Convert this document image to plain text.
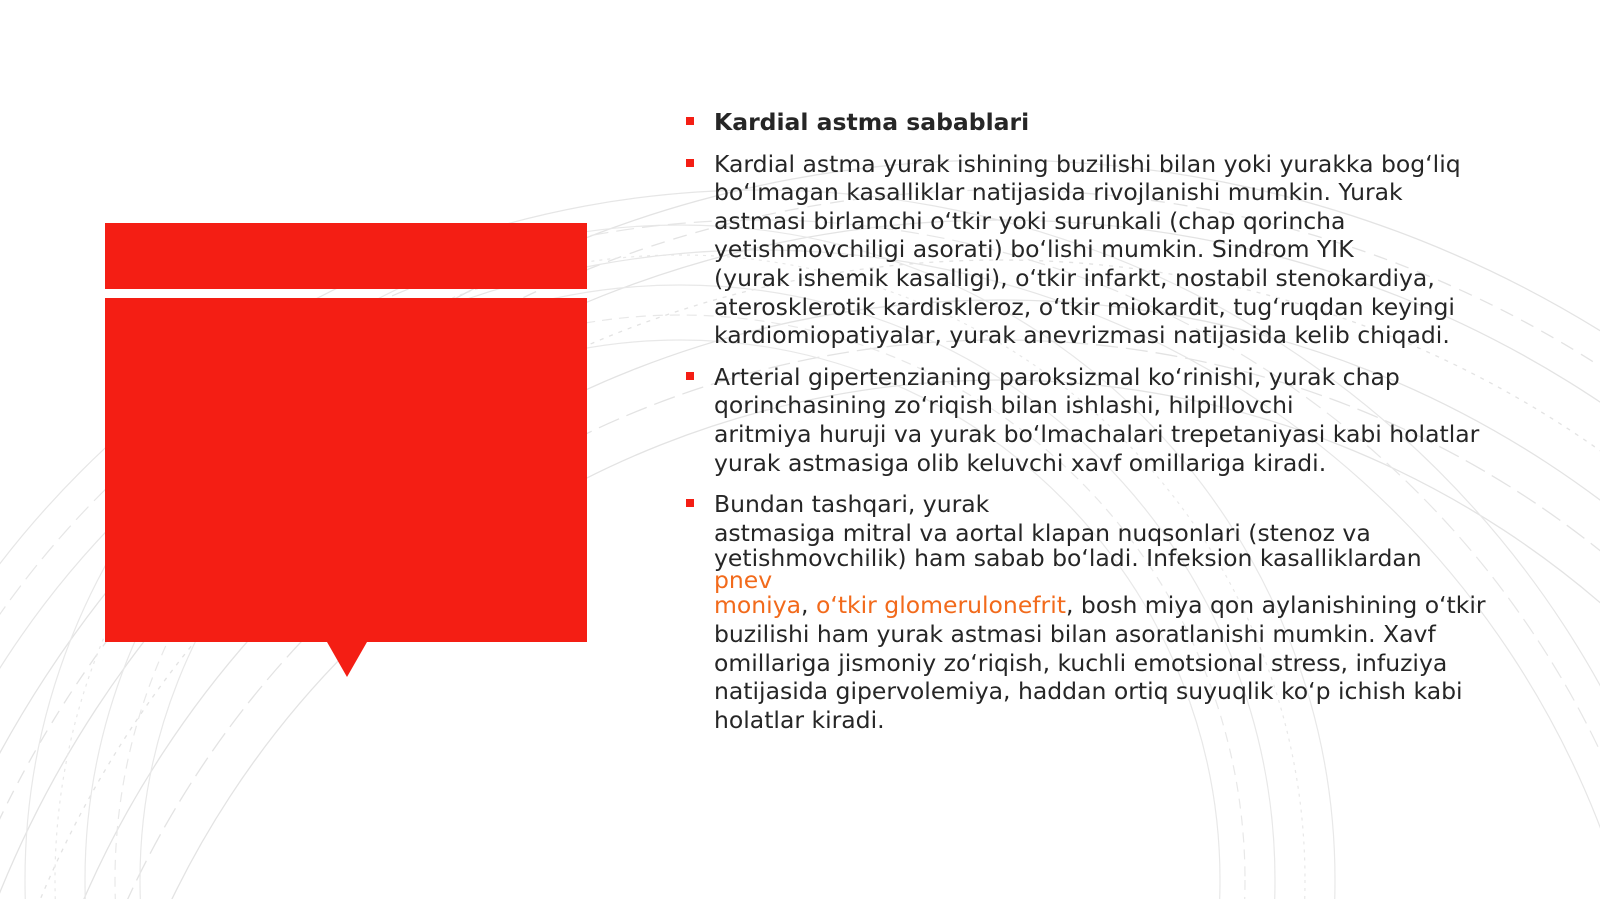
Kardial astma sabablari
Kardial astma yurak ishining buzilishi bilan yoki yurakka bog‘liq
bo‘lmagan kasalliklar natijasida rivojlanishi mumkin. Yurak
astmasi birlamchi o‘tkir yoki surunkali (chap qorincha
yetishmovchiligi asorati) bo‘lishi mumkin. Sindrom YIK
(yurak ishemik kasalligi), o‘tkir infarkt, nostabil stenokardiya,
aterosklerotik kardiskleroz, o‘tkir miokardit, tug‘ruqdan keyingi
kardiomiopatiyalar, yurak anevrizmasi natijasida kelib chiqadi.
Arterial gipertenzianing paroksizmal ko‘rinishi, yurak chap
qorinchasining zo‘riqish bilan ishlashi, hilpillovchi
aritmiya huruji va yurak bo‘lmachalari trepetaniyasi kabi holatlar
yurak astmasiga olib keluvchi xavf omillariga kiradi.
Bundan tashqari, yurak
astmasiga mitral va aortal klapan nuqsonlari (stenoz va
yetishmovchilik) ham sabab bo‘ladi. Infeksion kasalliklardan pnev
moniya, o‘tkir glomerulonefrit, bosh miya qon aylanishining o‘tkir
buzilishi ham yurak astmasi bilan asoratlanishi mumkin. Xavf
omillariga jismoniy zo‘riqish, kuchli emotsional stress, infuziya
natijasida gipervolemiya, haddan ortiq suyuqlik ko‘p ichish kabi
holatlar kiradi.
